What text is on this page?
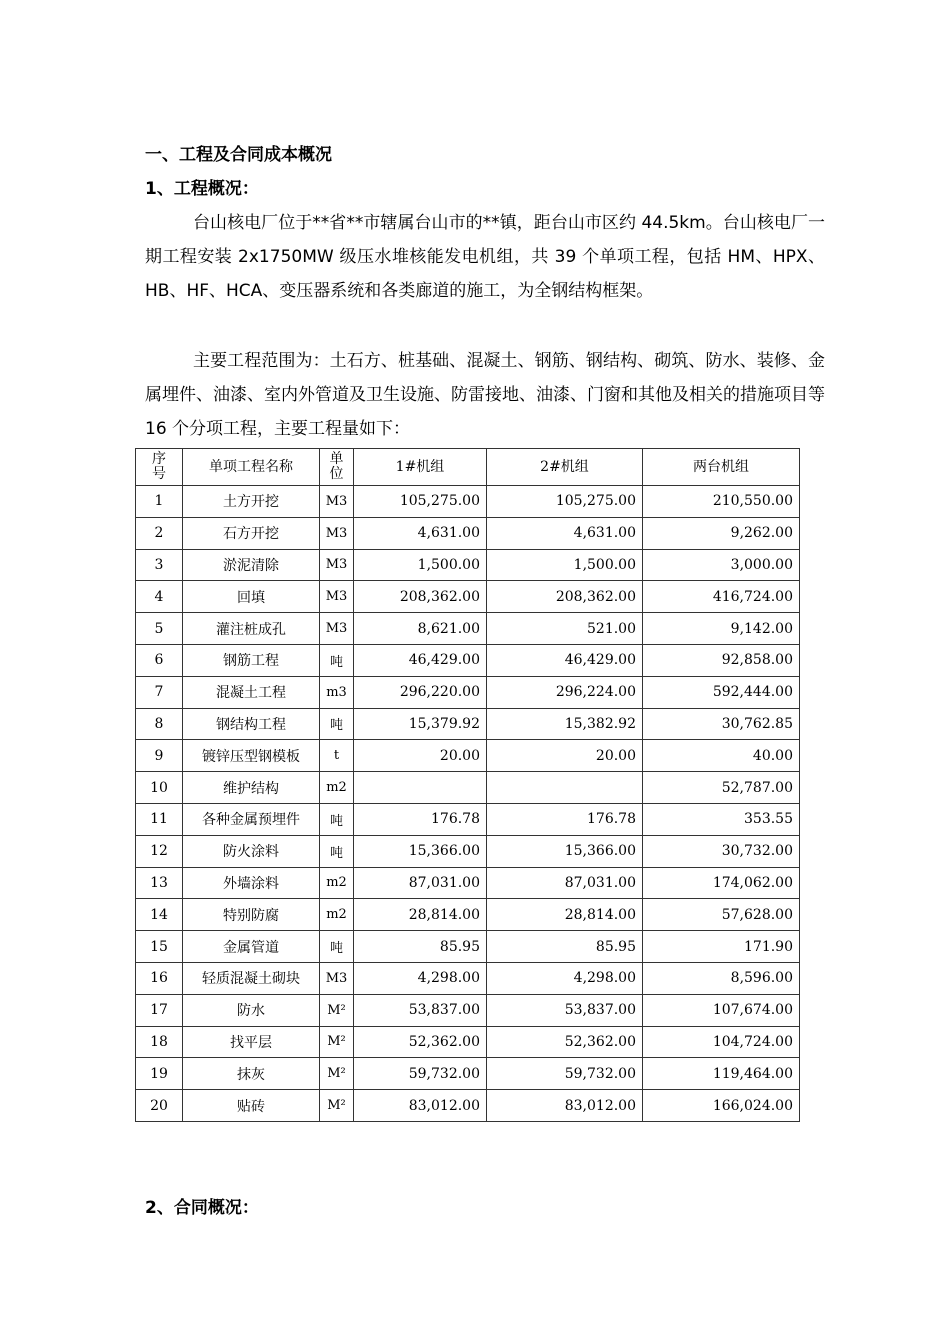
一、工程及合同成本概况
1、工程概况：

台山核电厂位于**省**市辖属台山市的**镇，距台山市区约 44.5km。台山核电厂一期工程安装 2x1750MW 级压水堆核能发电机组，共 39 个单项工程，包括 HM、HPX、HB、HF、HCA、变压器系统和各类廊道的施工，为全钢结构框架。

主要工程范围为：土石方、桩基础、混凝土、钢筋、钢结构、砌筑、防水、装修、金属埋件、油漆、室内外管道及卫生设施、防雷接地、油漆、门窗和其他及相关的措施项目等 16 个分项工程，主要工程量如下：

序号	单项工程名称	单位	1#机组	2#机组	两台机组
1	土方开挖	M3	105,275.00	105,275.00	210,550.00
2	石方开挖	M3	4,631.00	4,631.00	9,262.00
3	淤泥清除	M3	1,500.00	1,500.00	3,000.00
4	回填	M3	208,362.00	208,362.00	416,724.00
5	灌注桩成孔	M3	8,621.00	521.00	9,142.00
6	钢筋工程	吨	46,429.00	46,429.00	92,858.00
7	混凝土工程	m3	296,220.00	296,224.00	592,444.00
8	钢结构工程	吨	15,379.92	15,382.92	30,762.85
9	镀锌压型钢模板	t	20.00	20.00	40.00
10	维护结构	m2			52,787.00
11	各种金属预埋件	吨	176.78	176.78	353.55
12	防火涂料	吨	15,366.00	15,366.00	30,732.00
13	外墙涂料	m2	87,031.00	87,031.00	174,062.00
14	特别防腐	m2	28,814.00	28,814.00	57,628.00
15	金属管道	吨	85.95	85.95	171.90
16	轻质混凝土砌块	M3	4,298.00	4,298.00	8,596.00
17	防水	M²	53,837.00	53,837.00	107,674.00
18	找平层	M²	52,362.00	52,362.00	104,724.00
19	抹灰	M²	59,732.00	59,732.00	119,464.00
20	贴砖	M²	83,012.00	83,012.00	166,024.00
2、合同概况：
